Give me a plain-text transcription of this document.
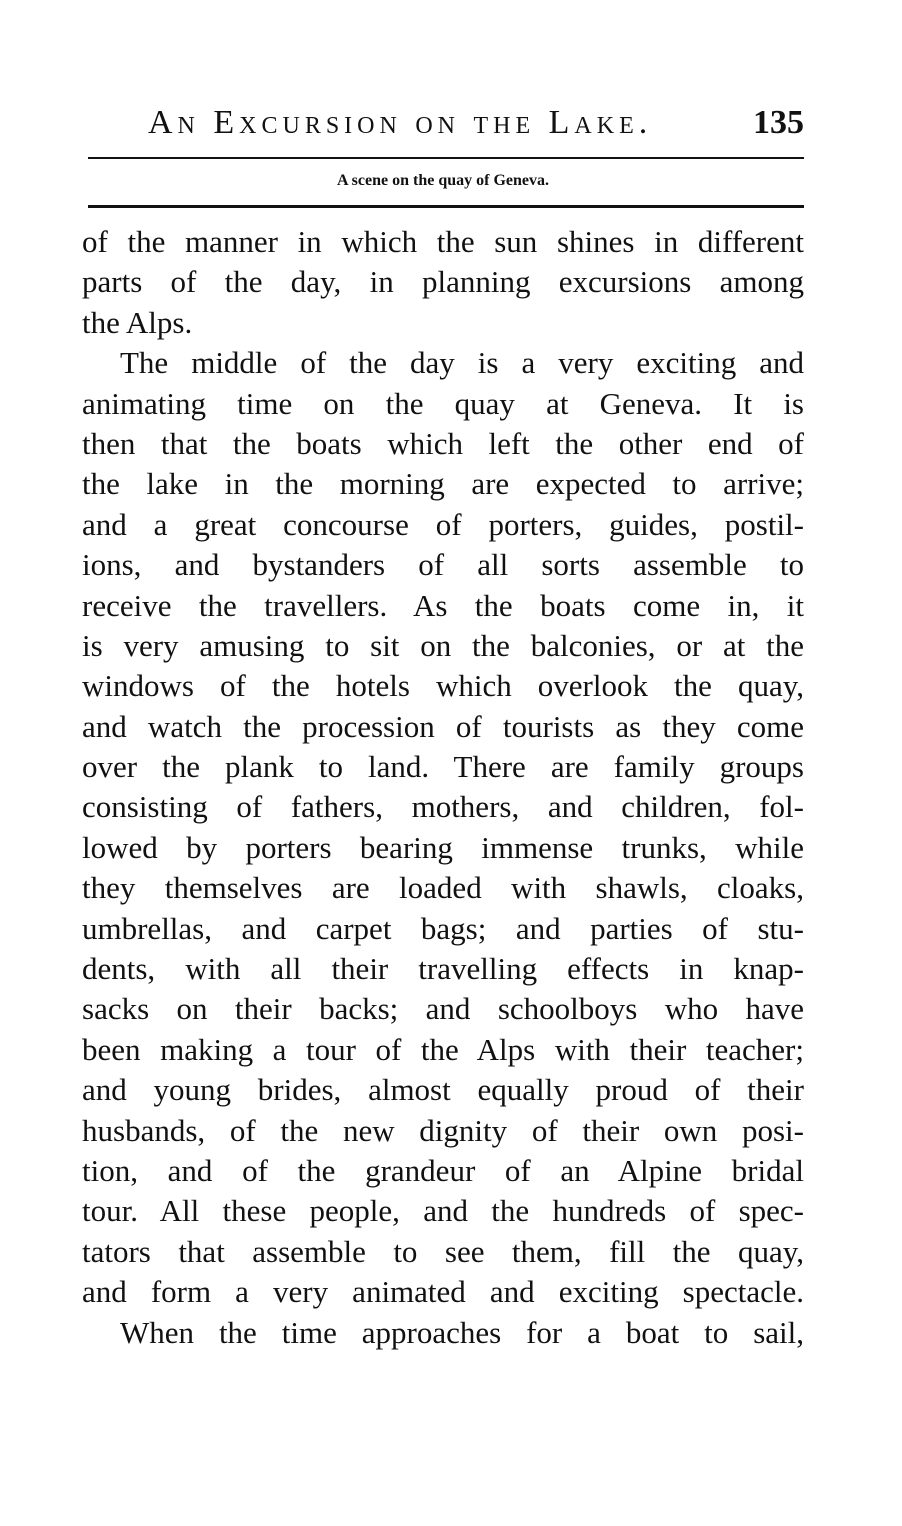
An Excursion on the Lake.	135
A scene on the quay of Geneva.
of the manner in which the sun shines in different
parts of the day, in planning excursions among
the Alps.
The middle of the day is a very exciting and
animating time on the quay at Geneva. It is
then that the boats which left the other end of
the lake in the morning are expected to arrive;
and a great concourse of porters, guides, postil-
ions, and bystanders of all sorts assemble to
receive the travellers. As the boats come in, it
is very amusing to sit on the balconies, or at the
windows of the hotels which overlook the quay,
and watch the procession of tourists as they come
over the plank to land. There are family groups
consisting of fathers, mothers, and children, fol-
lowed by porters bearing immense trunks, while
they themselves are loaded with shawls, cloaks,
umbrellas, and carpet bags; and parties of stu-
dents, with all their travelling effects in knap-
sacks on their backs; and schoolboys who have
been making a tour of the Alps with their teacher;
and young brides, almost equally proud of their
husbands, of the new dignity of their own posi-
tion, and of the grandeur of an Alpine bridal
tour. All these people, and the hundreds of spec-
tators that assemble to see them, fill the quay,
and form a very animated and exciting spectacle.
When the time approaches for a boat to sail,
